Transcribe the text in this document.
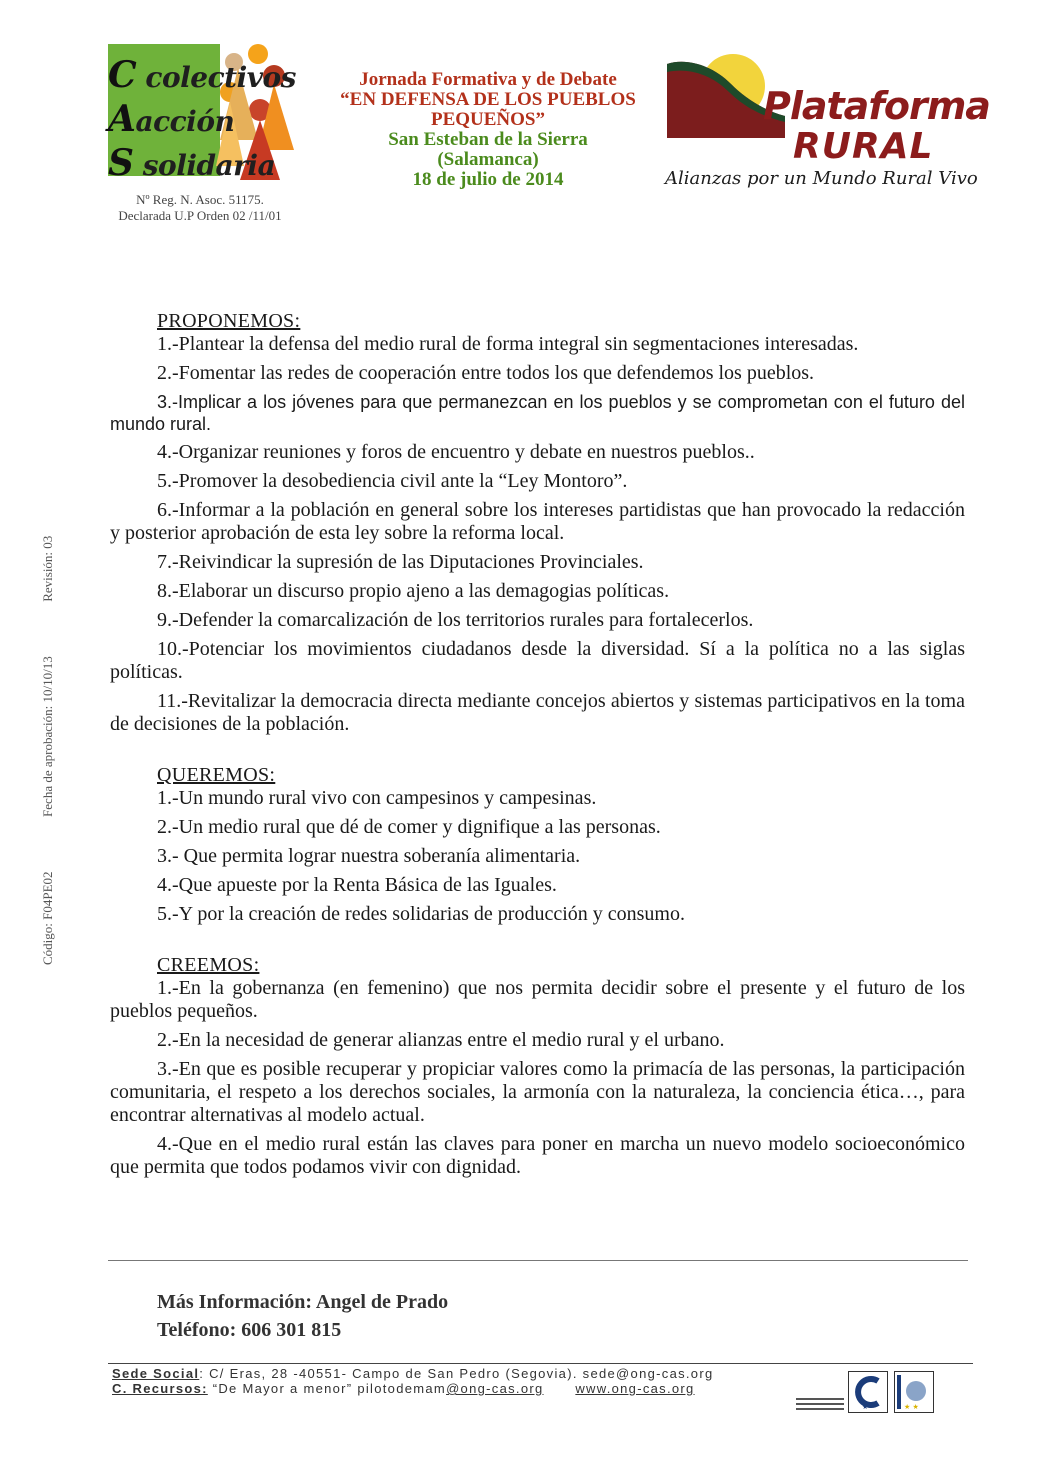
C colectivos
Aacción
S solidaria
Nº Reg. N. Asoc. 51175.
Declarada U.P Orden 02 /11/01
Jornada Formativa y de Debate
“EN DEFENSA DE LOS PUEBLOS
PEQUEÑOS”
San Esteban de la Sierra
(Salamanca)
18 de julio de 2014
Plataforma
RURAL
Alianzas por un Mundo Rural Vivo
Código: F04PE02  Fecha de aprobación: 10/10/13  Revisión: 03
PROPONEMOS:

1.-Plantear la defensa del medio rural de forma integral sin segmentaciones interesadas.

2.-Fomentar las redes de cooperación entre todos los que defendemos los pueblos.

3.-Implicar a los jóvenes para que permanezcan en los pueblos y se comprometan con el futuro del mundo rural.

4.-Organizar reuniones y foros de encuentro y debate en nuestros pueblos..

5.-Promover la desobediencia civil ante la “Ley Montoro”.

6.-Informar a la población en general sobre los intereses partidistas que han provocado la redacción y posterior aprobación de esta ley sobre la reforma local.

7.-Reivindicar la supresión de las Diputaciones Provinciales.

8.-Elaborar un discurso propio ajeno a las demagogias políticas.

9.-Defender la comarcalización de los territorios rurales para fortalecerlos.

10.-Potenciar los movimientos ciudadanos desde la diversidad. Sí a la política no a las siglas políticas.

11.-Revitalizar la democracia directa mediante concejos abiertos y sistemas participativos en la toma de decisiones de la población.

QUEREMOS:

1.-Un mundo rural vivo con campesinos y campesinas.

2.-Un medio rural que dé de comer y dignifique a las personas.

3.- Que permita lograr nuestra soberanía alimentaria.

4.-Que apueste por la Renta Básica de las Iguales.

5.-Y por la creación de redes solidarias de producción y consumo.

CREEMOS:

1.-En la gobernanza (en femenino) que nos permita decidir sobre el presente y el futuro de los pueblos pequeños.

2.-En la necesidad de generar alianzas entre el medio rural y el urbano.

3.-En que es posible recuperar y propiciar valores como la primacía de las personas, la participación comunitaria, el respeto a los derechos sociales, la armonía con la naturaleza, la conciencia ética…, para encontrar alternativas al modelo actual.

4.-Que en el medio rural están las claves para poner en marcha un nuevo modelo socioeconómico que permita que todos podamos vivir con dignidad.

Más Información: Angel de Prado
Teléfono: 606 301 815
Sede Social: C/ Eras, 28 -40551- Campo de San Pedro (Segovia). sede@ong-cas.org
C. Recursos: “De Mayor a menor” pilotodemam@ong-cas.org www.ong-cas.org
★	★ ★
